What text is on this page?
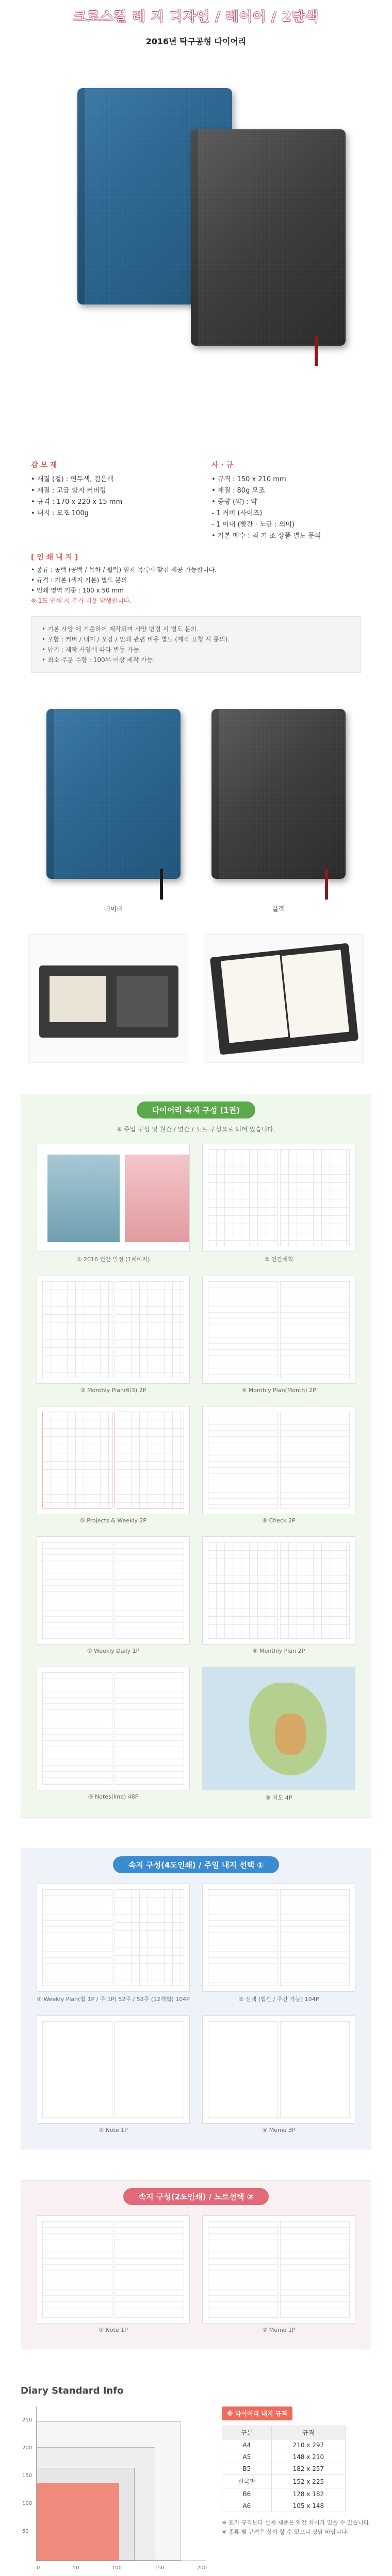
크로스컬 레 지 디자인 / 레어어 / 2단색
2016년 탁구공형 다이어리
감 모 재
• 재질 (겉) : 연두색, 검은색
• 재질 : 고급 합지 커버링
• 규격 : 170 x 220 x 15 mm
• 내지 : 모조 100g
사 · 규
• 규격 : 150 x 210 mm
• 재질 : 80g 모조
• 중량 (약) : 약
- 1 커버 (사이즈)
- 1 이내 (빨간 · 노란 : 의미)
• 기본 매수 : 최 기 조 상품 별도 문의
[ 인 쇄 내 지 ]
• 종류 : 공백 (공백 / 목차 / 월력) 별지 목록에 맞춰 제공 가능합니다.
• 규격 : 기본 (색지 기본) 별도 문의
• 인쇄 영역 기준 : 100 x 50 mm
※ 1도 인쇄 시 추가 비용 발생합니다.
• 기본 사양 에 기준하여 제작되며 사양 변경 시 별도 문의.
• 포함 : 커버 / 내지 / 포장 / 인쇄 관련 비용 별도 (제작 요청 시 문의).
• 납기 : 제작 사양에 따라 변동 가능.
• 최소 주문 수량 : 100부 이상 제작 가능.
네이비	블랙
다이어리 속지 구성 (1권)
※ 주일 구성 및 월간 / 연간 / 노트 구성으로 되어 있습니다.
① 2016 연간 일정 (1페이지)	② 연간계획
③ Monthly Plan(6/3) 2P	④ Monthly Plan(Month) 2P
⑤ Projects & Weekly 2P	⑥ Check 2P
⑦ Weekly Daily 1P	⑧ Monthly Plan 2P
⑨ Notes(line) 48P	⑩ 지도 4P
속지 구성(4도인쇄) / 주일 내지 선택 ①
① Weekly Plan(월 1P / 주 1P) 52주 / 52주 (12개월) 104P	② 선택 (월간 / 주간 가능) 104P
③ Note 1P	④ Memo 3P
속지 구성(2도인쇄) / 노트선택 ②
① Note 1P	② Memo 1P
Diary Standard Info
250
200
150
100
50
0	50	100	150	200
※ 다이어리 내지 규격
구분	규격
A4	210 x 297
A5	148 x 210
B5	182 x 257
신국판	152 x 225
B6	128 x 182
A6	105 x 148
※ 표기 규격보다 실제 제품은 약간 차이가 있을 수 있습니다.
※ 종류 별 규격은 상이 할 수 있으니 상담 바랍니다.
